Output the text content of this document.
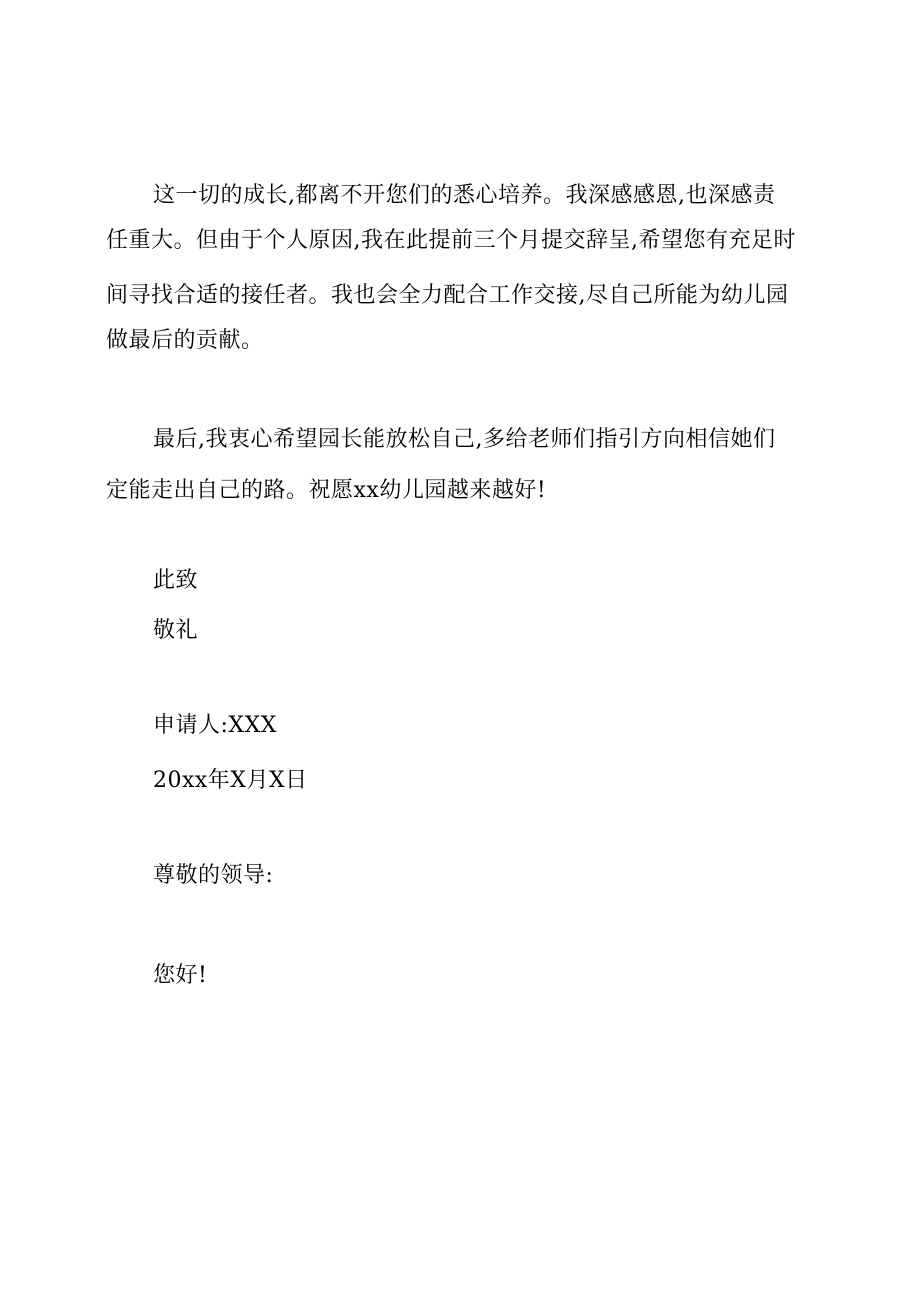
这一切的成长,都离不开您们的悉心培养。我深感感恩,也深感责
任重大。但由于个人原因,我在此提前三个月提交辞呈,希望您有充足时
间寻找合适的接任者。我也会全力配合工作交接,尽自己所能为幼儿园
做最后的贡献。
最后,我衷心希望园长能放松自己,多给老师们指引方向相信她们
定能走出自己的路。祝愿xx幼儿园越来越好!
此致
敬礼
申请人:XXX
20xx年X月X日
尊敬的领导:
您好!
